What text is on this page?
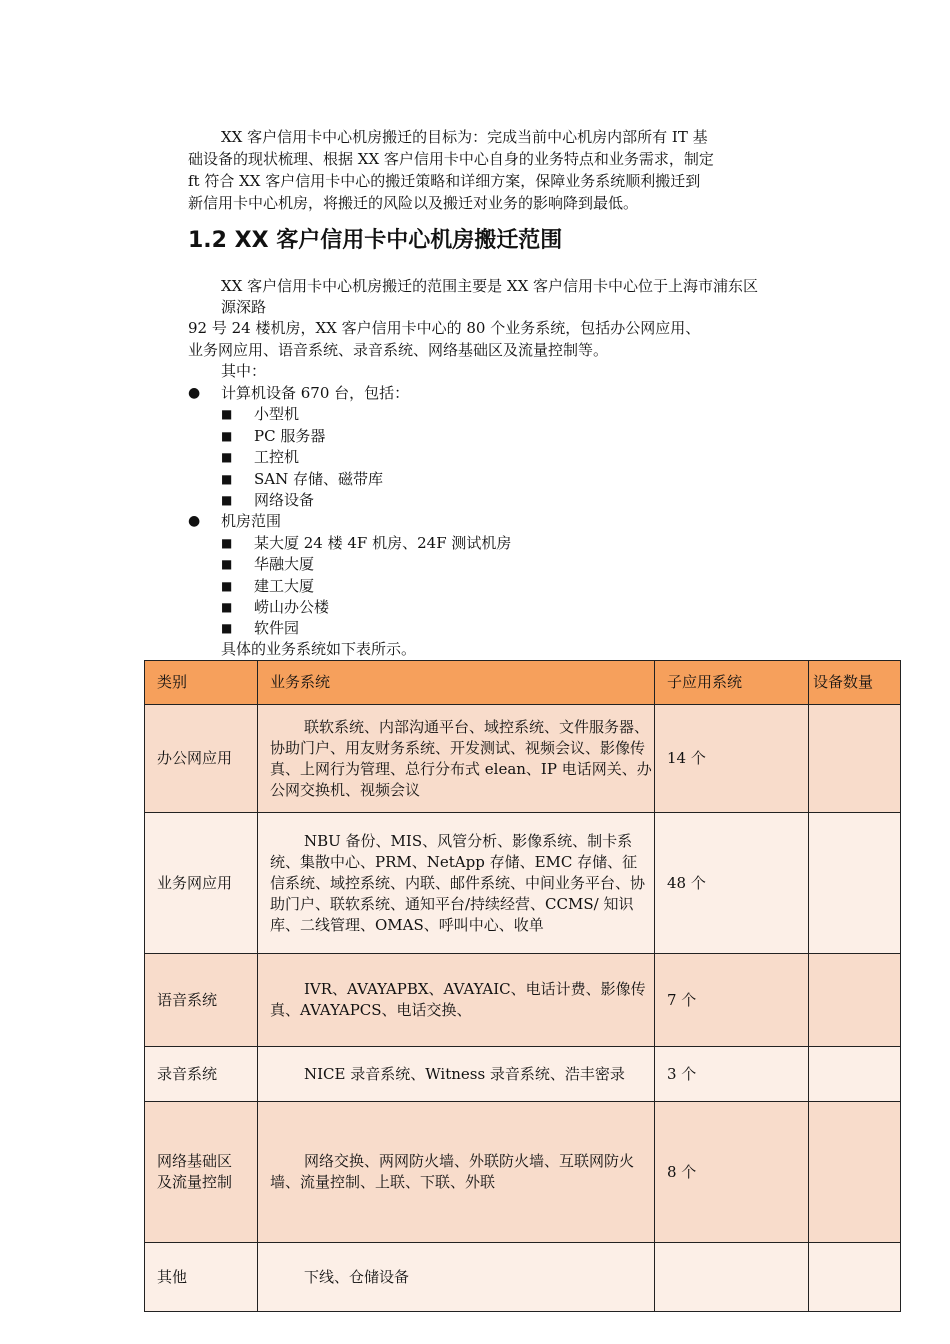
XX 客户信用卡中心机房搬迁的目标为：完成当前中心机房内部所有 IT 基
础设备的现状梳理、根据 XX 客户信用卡中心自身的业务特点和业务需求，制定
ft 符合 XX 客户信用卡中心的搬迁策略和详细方案，保障业务系统顺利搬迁到
新信用卡中心机房，将搬迁的风险以及搬迁对业务的影响降到最低。
1.2 XX 客户信用卡中心机房搬迁范围
XX 客户信用卡中心机房搬迁的范围主要是 XX 客户信用卡中心位于上海市浦东区
源深路
92 号 24 楼机房，XX 客户信用卡中心的 80 个业务系统，包括办公网应用、
业务网应用、语音系统、录音系统、网络基础区及流量控制等。
其中：
● 计算机设备 670 台，包括：
■ 小型机
■ PC 服务器
■ 工控机
■ SAN 存储、磁带库
■ 网络设备
● 机房范围
■ 某大厦 24 楼 4F 机房、24F 测试机房
■ 华融大厦
■ 建工大厦
■ 崂山办公楼
■ 软件园
具体的业务系统如下表所示。
类别	业务系统	子应用系统	设备数量
办公网应用	联软系统、内部沟通平台、域控系统、文件服务器、协助门户、用友财务系统、开发测试、视频会议、影像传真、上网行为管理、总行分布式 elean、IP 电话网关、办公网交换机、视频会议	14 个	
业务网应用	NBU 备份、MIS、风管分析、影像系统、制卡系统、集散中心、PRM、NetApp 存储、EMC 存储、征信系统、域控系统、内联、邮件系统、中间业务平台、协助门户、联软系统、通知平台/持续经营、CCMS/ 知识库、二线管理、OMAS、呼叫中心、收单	48 个	
语音系统	IVR、AVAYAPBX、AVAYAIC、电话计费、影像传真、AVAYAPCS、电话交换、	7 个	
录音系统	NICE 录音系统、Witness 录音系统、浩丰密录	3 个	
网络基础区及流量控制	网络交换、两网防火墙、外联防火墙、互联网防火墙、流量控制、上联、下联、外联	8 个	
其他	下线、仓储设备		
